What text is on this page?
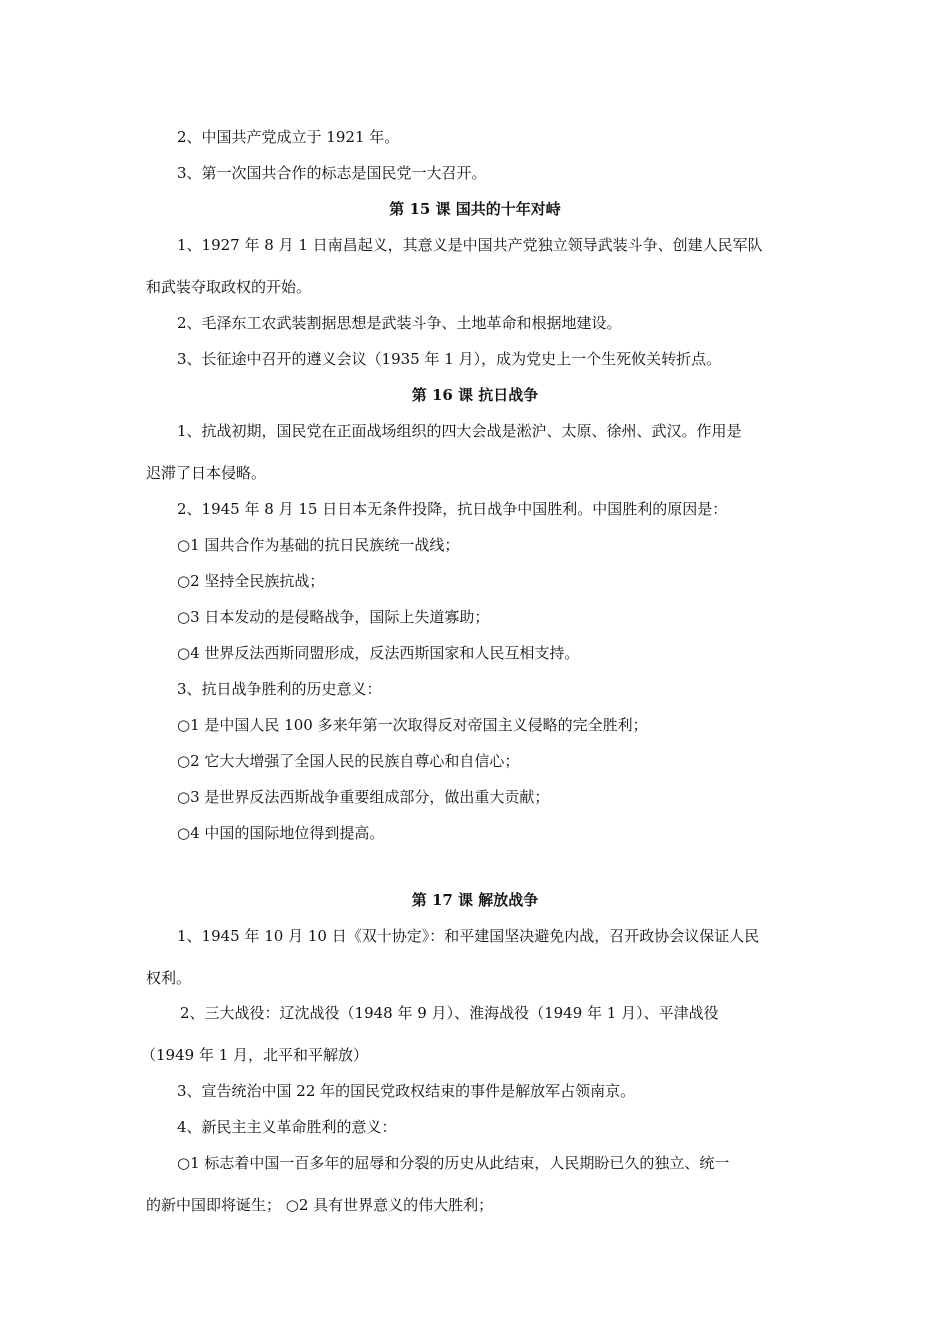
2、中国共产党成立于 1921 年。
3、第一次国共合作的标志是国民党一大召开。
第 15 课 国共的十年对峙
1、1927 年 8 月 1 日南昌起义，其意义是中国共产党独立领导武装斗争、创建人民军队
和武装夺取政权的开始。
2、毛泽东工农武装割据思想是武装斗争、土地革命和根据地建设。
3、长征途中召开的遵义会议（1935 年 1 月），成为党史上一个生死攸关转折点。
第 16 课 抗日战争
1、抗战初期，国民党在正面战场组织的四大会战是淞沪、太原、徐州、武汉。作用是
迟滞了日本侵略。
2、1945 年 8 月 15 日日本无条件投降，抗日战争中国胜利。中国胜利的原因是：
○1 国共合作为基础的抗日民族统一战线；
○2 坚持全民族抗战；
○3 日本发动的是侵略战争，国际上失道寡助；
○4 世界反法西斯同盟形成，反法西斯国家和人民互相支持。
3、抗日战争胜利的历史意义：
○1 是中国人民 100 多来年第一次取得反对帝国主义侵略的完全胜利；
○2 它大大增强了全国人民的民族自尊心和自信心；
○3 是世界反法西斯战争重要组成部分，做出重大贡献；
○4 中国的国际地位得到提高。
第 17 课 解放战争
1、1945 年 10 月 10 日《双十协定》：和平建国坚决避免内战，召开政协会议保证人民
权利。
2、三大战役：辽沈战役（1948 年 9 月）、淮海战役（1949 年 1 月）、平津战役
（1949 年 1 月，北平和平解放）
3、宣告统治中国 22 年的国民党政权结束的事件是解放军占领南京。
4、新民主主义革命胜利的意义：
○1 标志着中国一百多年的屈辱和分裂的历史从此结束，人民期盼已久的独立、统一
的新中国即将诞生； ○2 具有世界意义的伟大胜利；
